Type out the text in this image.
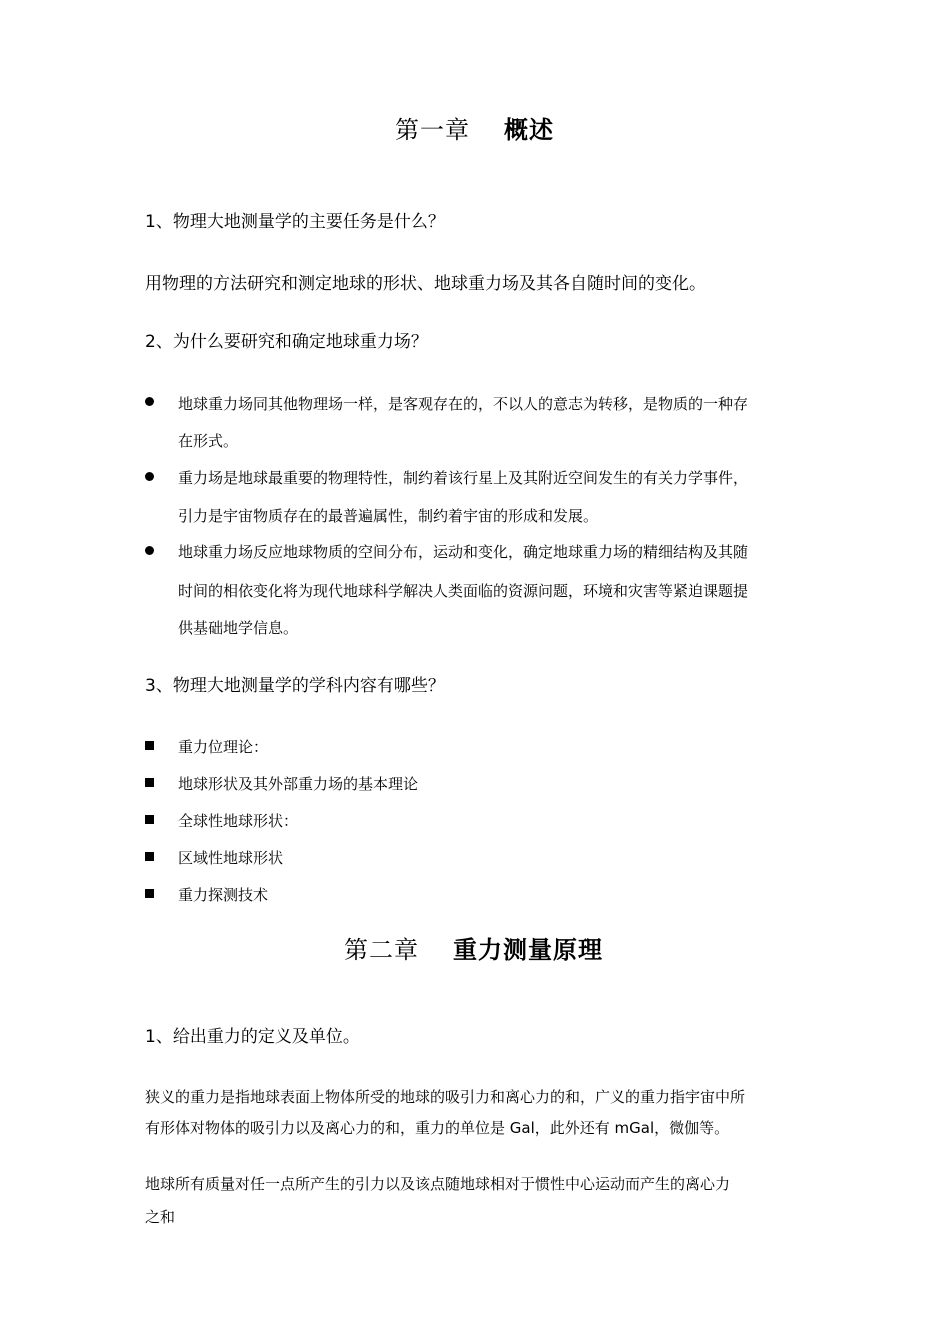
第一章 概述
1、物理大地测量学的主要任务是什么？
用物理的方法研究和测定地球的形状、地球重力场及其各自随时间的变化。
2、为什么要研究和确定地球重力场？
地球重力场同其他物理场一样，是客观存在的，不以人的意志为转移，是物质的一种存
在形式。
重力场是地球最重要的物理特性，制约着该行星上及其附近空间发生的有关力学事件，
引力是宇宙物质存在的最普遍属性，制约着宇宙的形成和发展。
地球重力场反应地球物质的空间分布，运动和变化，确定地球重力场的精细结构及其随
时间的相依变化将为现代地球科学解决人类面临的资源问题，环境和灾害等紧迫课题提
供基础地学信息。
3、物理大地测量学的学科内容有哪些？
重力位理论：
地球形状及其外部重力场的基本理论
全球性地球形状：
区域性地球形状
重力探测技术
第二章 重力测量原理
1、给出重力的定义及单位。
狭义的重力是指地球表面上物体所受的地球的吸引力和离心力的和，广义的重力指宇宙中所
有形体对物体的吸引力以及离心力的和，重力的单位是 Gal，此外还有 mGal，微伽等。
地球所有质量对任一点所产生的引力以及该点随地球相对于惯性中心运动而产生的离心力
之和
